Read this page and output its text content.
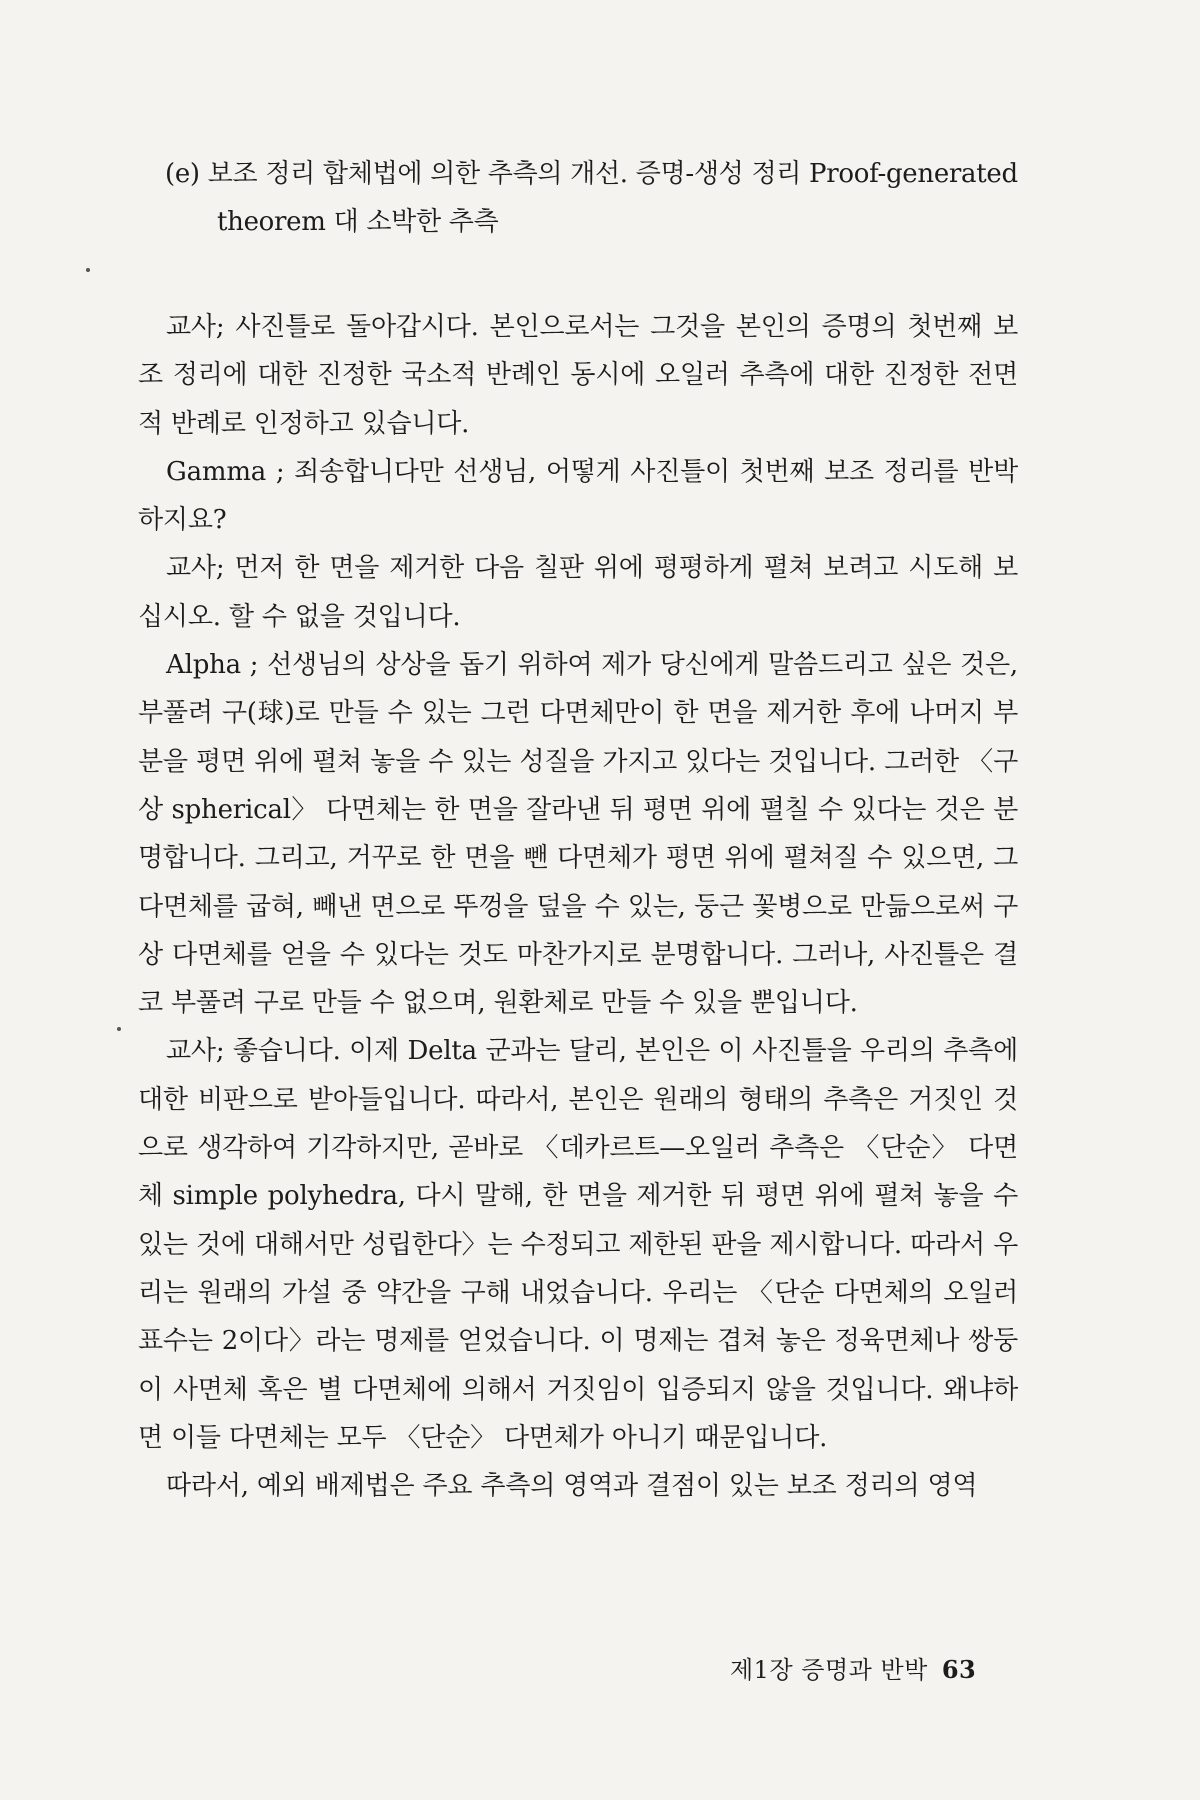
(e) 보조 정리 합체법에 의한 추측의 개선. 증명-생성 정리 Proof-generated
theorem 대 소박한 추측

교사; 사진틀로 돌아갑시다. 본인으로서는 그것을 본인의 증명의 첫번째 보조 정리에 대한 진정한 국소적 반례인 동시에 오일러 추측에 대한 진정한 전면적 반례로 인정하고 있습니다.

Gamma ; 죄송합니다만 선생님, 어떻게 사진틀이 첫번째 보조 정리를 반박하지요?

교사; 먼저 한 면을 제거한 다음 칠판 위에 평평하게 펼쳐 보려고 시도해 보십시오. 할 수 없을 것입니다.

Alpha ; 선생님의 상상을 돕기 위하여 제가 당신에게 말씀드리고 싶은 것은, 부풀려 구(球)로 만들 수 있는 그런 다면체만이 한 면을 제거한 후에 나머지 부분을 평면 위에 펼쳐 놓을 수 있는 성질을 가지고 있다는 것입니다. 그러한 〈구상 spherical〉 다면체는 한 면을 잘라낸 뒤 평면 위에 펼칠 수 있다는 것은 분명합니다. 그리고, 거꾸로 한 면을 뺀 다면체가 평면 위에 펼쳐질 수 있으면, 그 다면체를 굽혀, 빼낸 면으로 뚜껑을 덮을 수 있는, 둥근 꽃병으로 만듦으로써 구상 다면체를 얻을 수 있다는 것도 마찬가지로 분명합니다. 그러나, 사진틀은 결코 부풀려 구로 만들 수 없으며, 원환체로 만들 수 있을 뿐입니다.

교사; 좋습니다. 이제 Delta 군과는 달리, 본인은 이 사진틀을 우리의 추측에 대한 비판으로 받아들입니다. 따라서, 본인은 원래의 형태의 추측은 거짓인 것으로 생각하여 기각하지만, 곧바로 〈데카르트—오일러 추측은 〈단순〉 다면체 simple polyhedra, 다시 말해, 한 면을 제거한 뒤 평면 위에 펼쳐 놓을 수 있는 것에 대해서만 성립한다〉는 수정되고 제한된 판을 제시합니다. 따라서 우리는 원래의 가설 중 약간을 구해 내었습니다. 우리는 〈단순 다면체의 오일러 표수는 2이다〉라는 명제를 얻었습니다. 이 명제는 겹쳐 놓은 정육면체나 쌍둥이 사면체 혹은 별 다면체에 의해서 거짓임이 입증되지 않을 것입니다. 왜냐하면 이들 다면체는 모두 〈단순〉 다면체가 아니기 때문입니다.

따라서, 예외 배제법은 주요 추측의 영역과 결점이 있는 보조 정리의 영역

제1장 증명과 반박 63
